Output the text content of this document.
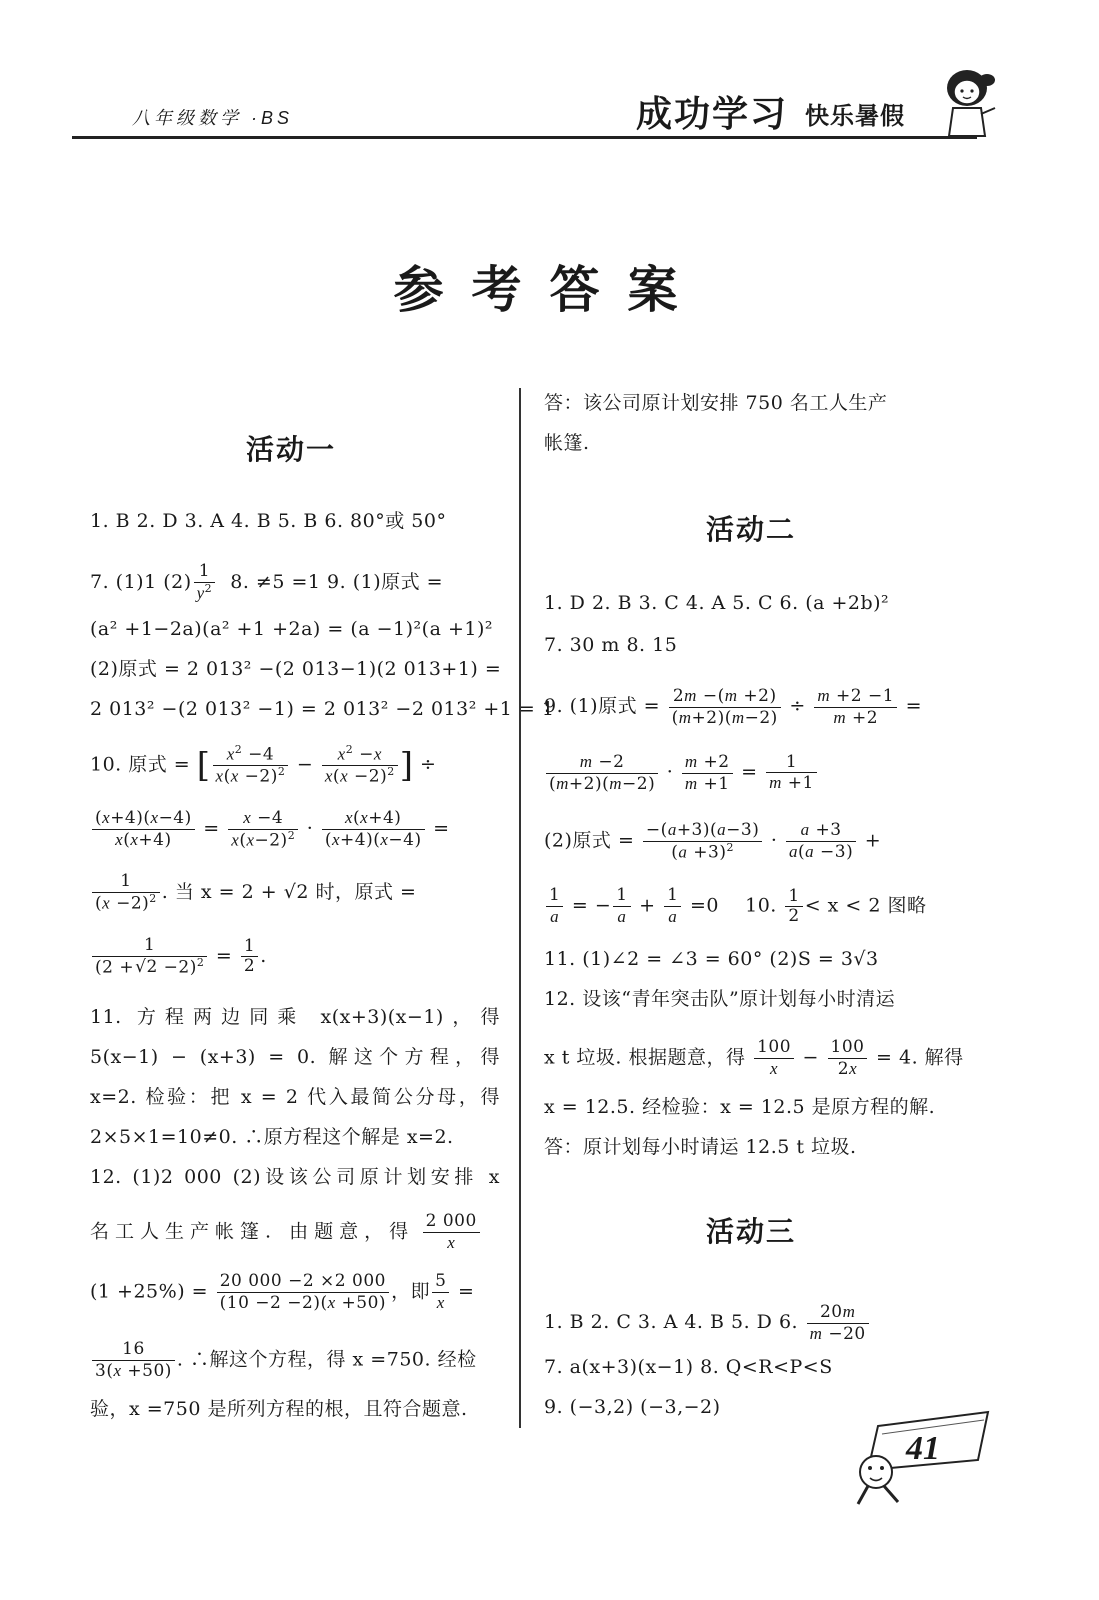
八年级数学 ·BS	成功学习 快乐暑假
参考答案
活动一
1. B 2. D 3. A 4. B 5. B 6. 80°或 50°
7. (1)1 $(2) \frac{1}{y^2} 8$. ≠5 =1 9. (1)原式 =
(a² +1−2a)(a² +1 +2a) = (a −1)²(a +1)²
(2)原式 = 2 013² −(2 013−1)(2 013+1) =
2 013² −(2 013² −1) = 2 013² −2 013² +1 = 1
10. 原式 = [ $\frac{x^2 -4}{x(x -2)^2} - \frac{x^2 -x}{x(x -2)^2}$ ] ÷
$\frac{(x+4)(x-4)}{x(x+4)} = \frac{x -4}{x(x-2)^2} \cdot \frac{x(x+4)}{(x+4)(x-4)}$ =
$\frac{1}{(x -2)^2}$ . 当 x = 2 + √2 时，原式 =
$\frac{1}{(2 +√2 -2)^2} = \frac{1}{2}$ .
11. 方程两边同乘 x(x+3)(x−1)，得
5(x−1) − (x+3) = 0. 解这个方程，得
x=2. 检验：把 x = 2 代入最简公分母，得
2×5×1=10≠0. ∴原方程这个解是 x=2.
12. (1)2 000 (2)设该公司原计划安排 x
名工人生产帐篷. 由题意，得 $\frac{2 000}{x}$
$(1 +25\%) = \frac{20 000 -2 \times 2 000}{(10 -2 -2)(x +50)}$ ，即 $\frac{5}{x}$ =
$\frac{16}{3(x +50)}$ . ∴解这个方程，得 x =750. 经检
验，x =750 是所列方程的根，且符合题意.
答：该公司原计划安排 750 名工人生产
帐篷.
活动二
1. D 2. B 3. C 4. A 5. C 6. (a +2b)²
7. 30 m 8. 15
9. (1)原式 = $\frac{2m -(m +2)}{(m+2)(m-2)} \div \frac{m +2 -1}{m +2}$ =
$\frac{m -2}{(m+2)(m-2)} \cdot \frac{m +2}{m +1} = \frac{1}{m +1}$
(2)原式 = $\frac{-(a+3)(a-3)}{(a +3)^2} \cdot \frac{a +3}{a(a -3)}$ +
$\frac{1}{a}$ = − $\frac{1}{a} + \frac{1}{a} =0$    10. $\frac{1}{2} < x < 2$ 图略
11. (1)∠2 = ∠3 = 60° (2)S = 3√3
12. 设该“青年突击队”原计划每小时清运
x t 垃圾. 根据题意，得 $\frac{100}{x} - \frac{100}{2x} = 4$. 解得
x = 12.5. 经检验：x = 12.5 是原方程的解.
答：原计划每小时请运 12.5 t 垃圾.
活动三
1. B 2. C 3. A 4. B 5. D 6. $\frac{20m}{m -20}$
7. a(x+3)(x−1) 8. Q<R<P<S
9. (−3,2) (−3,−2)
41
